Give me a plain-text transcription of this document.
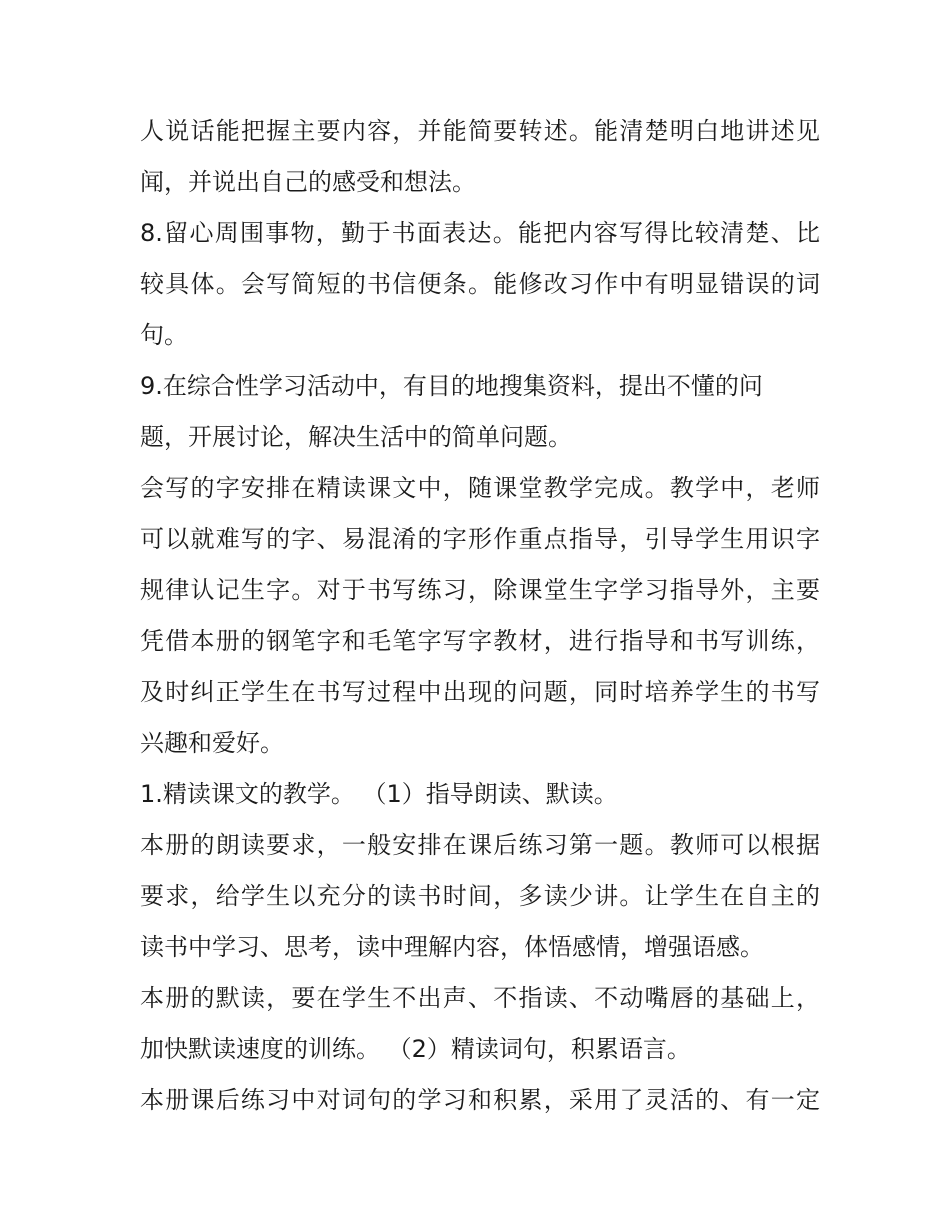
人说话能把握主要内容，并能简要转述。能清楚明白地讲述见
闻，并说出自己的感受和想法。
8.留心周围事物，勤于书面表达。能把内容写得比较清楚、比
较具体。会写简短的书信便条。能修改习作中有明显错误的词
句。
9.在综合性学习活动中，有目的地搜集资料，提出不懂的问
题，开展讨论，解决生活中的简单问题。
会写的字安排在精读课文中，随课堂教学完成。教学中，老师
可以就难写的字、易混淆的字形作重点指导，引导学生用识字
规律认记生字。对于书写练习，除课堂生字学习指导外，主要
凭借本册的钢笔字和毛笔字写字教材，进行指导和书写训练，
及时纠正学生在书写过程中出现的问题，同时培养学生的书写
兴趣和爱好。
1.精读课文的教学。 （1）指导朗读、默读。
本册的朗读要求，一般安排在课后练习第一题。教师可以根据
要求，给学生以充分的读书时间，多读少讲。让学生在自主的
读书中学习、思考，读中理解内容，体悟感情，增强语感。
本册的默读，要在学生不出声、不指读、不动嘴唇的基础上，
加快默读速度的训练。 （2）精读词句，积累语言。
本册课后练习中对词句的学习和积累，采用了灵活的、有一定
